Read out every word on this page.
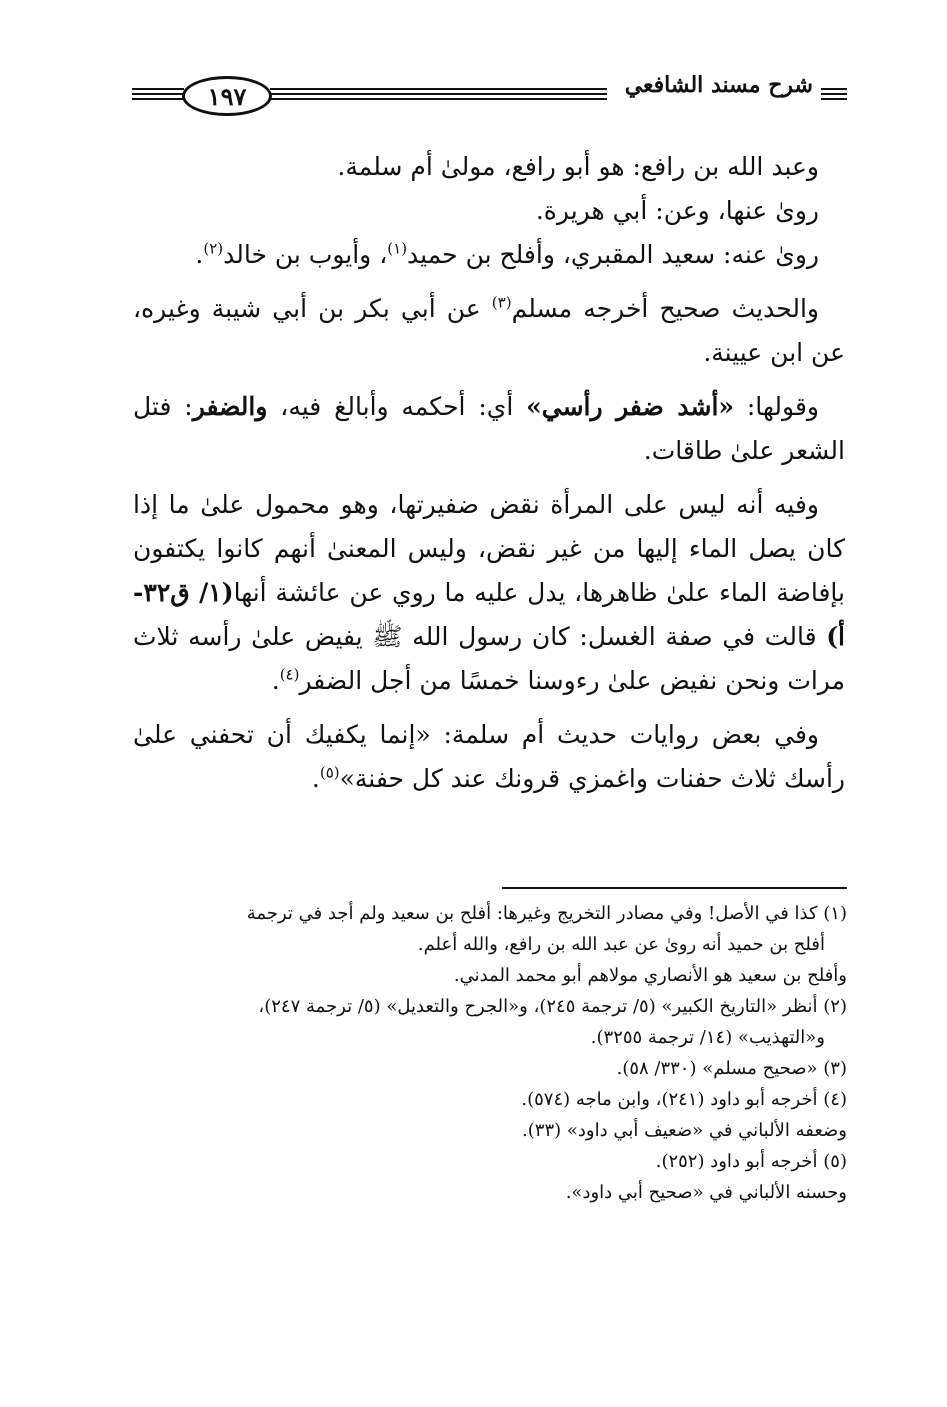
شرح مسند الشافعي
١٩٧

وعبد الله بن رافع: هو أبو رافع، مولىٰ أم سلمة.

روىٰ عنها، وعن: أبي هريرة.

روىٰ عنه: سعيد المقبري، وأفلح بن حميد$^{(١)}$، وأيوب بن خالد$^{(٢)}$.

والحديث صحيح أخرجه مسلم$^{(٣)}$ عن أبي بكر بن أبي شيبة وغيره، عن ابن عيينة.

وقولها: «أشد ضفر رأسي» أي: أحكمه وأبالغ فيه، والضفر: فتل الشعر علىٰ طاقات.

وفيه أنه ليس على المرأة نقض ضفيرتها، وهو محمول علىٰ ما إذا كان يصل الماء إليها من غير نقض، وليس المعنىٰ أنهم كانوا يكتفون بإفاضة الماء علىٰ ظاهرها، يدل عليه ما روي عن عائشة أنها(١/ ق٣٢-أ) قالت في صفة الغسل: كان رسول الله ﷺ يفيض علىٰ رأسه ثلاث مرات ونحن نفيض علىٰ رءوسنا خمسًا من أجل الضفر$^{(٤)}$.

وفي بعض روايات حديث أم سلمة: «إنما يكفيك أن تحفني علىٰ رأسك ثلاث حفنات واغمزي قرونك عند كل حفنة»$^{(٥)}$.

(١) كذا في الأصل! وفي مصادر التخريج وغيرها: أفلح بن سعيد ولم أجد في ترجمة

أفلح بن حميد أنه روىٰ عن عبد الله بن رافع، والله أعلم.

وأفلح بن سعيد هو الأنصاري مولاهم أبو محمد المدني.

(٢) أنظر «التاريخ الكبير» (٥/ ترجمة ٢٤٥)، و«الجرح والتعديل» (٥/ ترجمة ٢٤٧)،

و«التهذيب» (١٤/ ترجمة ٣٢٥٥).

(٣) «صحيح مسلم» (٣٣٠/ ٥٨).

(٤) أخرجه أبو داود (٢٤١)، وابن ماجه (٥٧٤).

وضعفه الألباني في «ضعيف أبي داود» (٣٣).

(٥) أخرجه أبو داود (٢٥٢).

وحسنه الألباني في «صحيح أبي داود».
